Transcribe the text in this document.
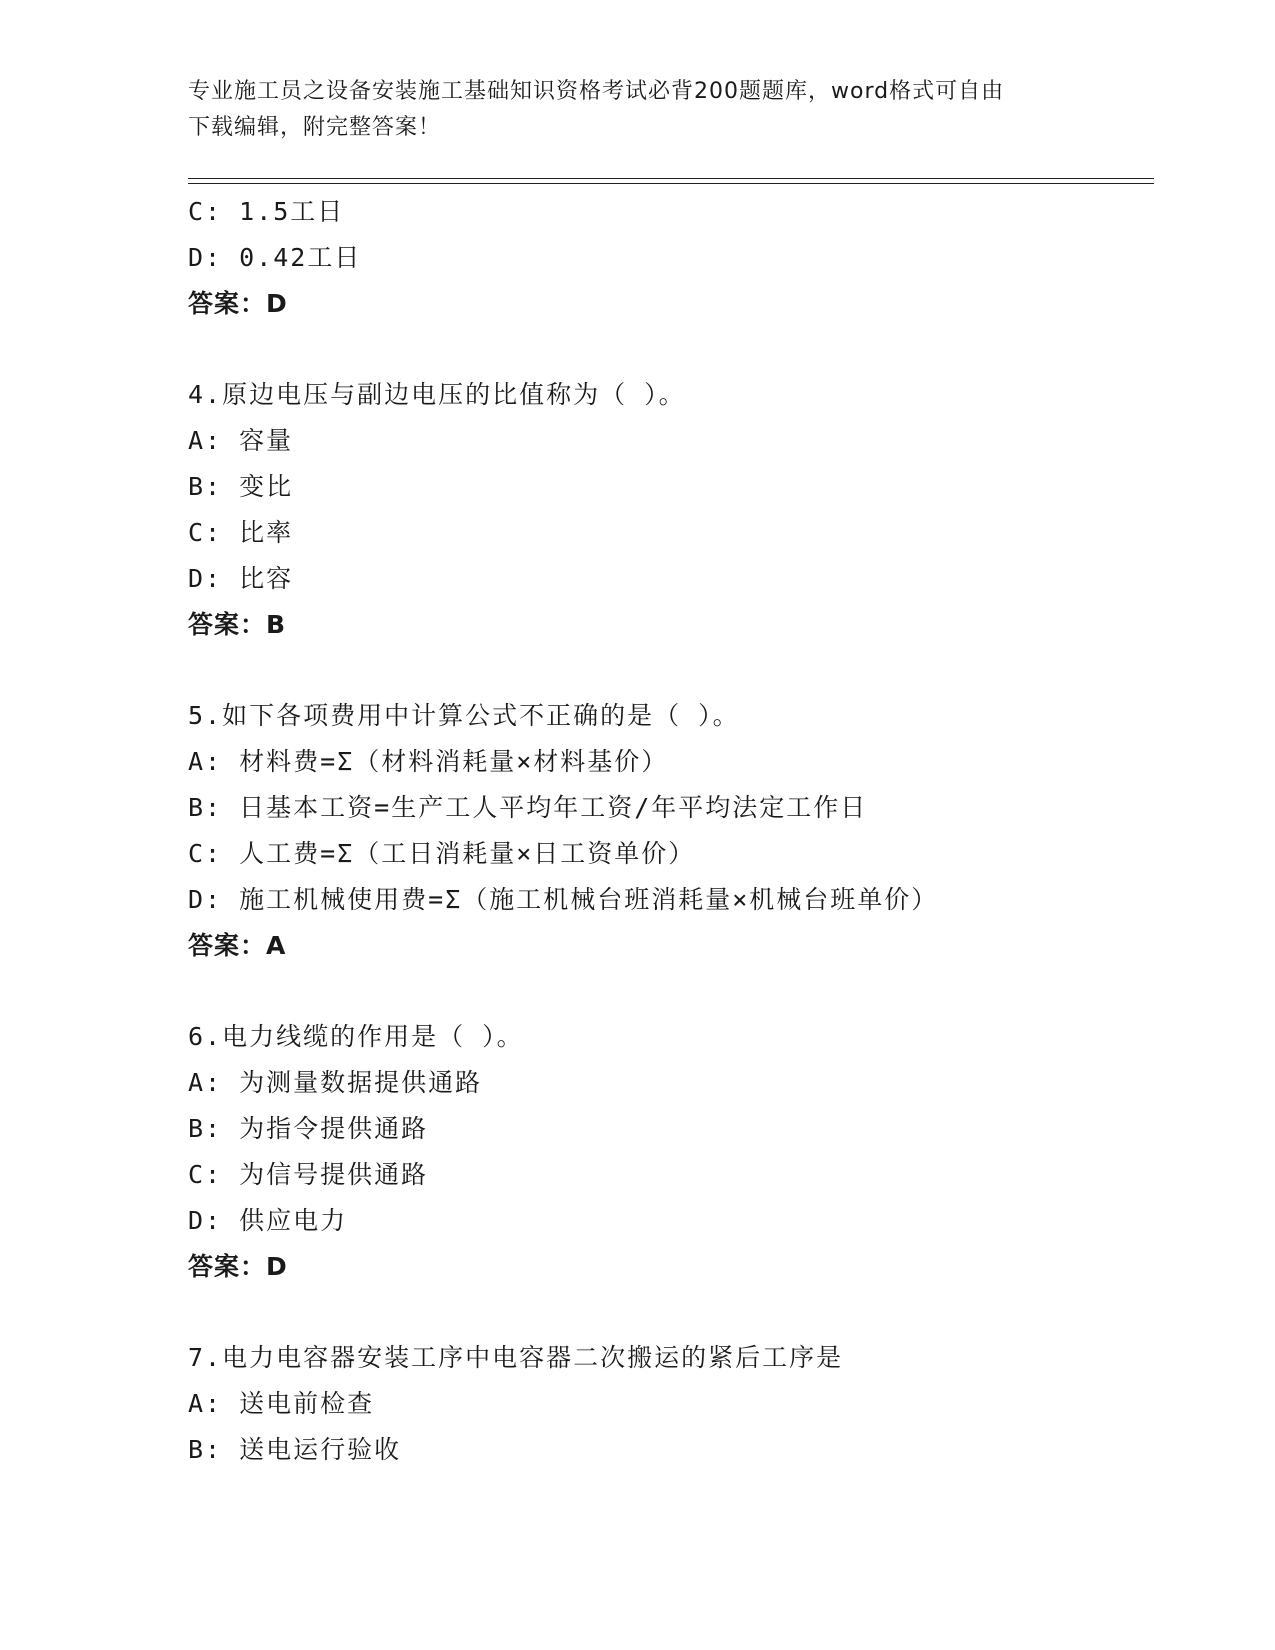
专业施工员之设备安装施工基础知识资格考试必背200题题库，word格式可自由
下载编辑，附完整答案！
C: 1.5工日
D: 0.42工日
答案：D
4.原边电压与副边电压的比值称为（ ）。
A: 容量
B: 变比
C: 比率
D: 比容
答案：B
5.如下各项费用中计算公式不正确的是（ ）。
A: 材料费=Σ（材料消耗量×材料基价）
B: 日基本工资=生产工人平均年工资/年平均法定工作日
C: 人工费=Σ（工日消耗量×日工资单价）
D: 施工机械使用费=Σ（施工机械台班消耗量×机械台班单价）
答案：A
6.电力线缆的作用是（ ）。
A: 为测量数据提供通路
B: 为指令提供通路
C: 为信号提供通路
D: 供应电力
答案：D
7.电力电容器安装工序中电容器二次搬运的紧后工序是
A: 送电前检查
B: 送电运行验收
